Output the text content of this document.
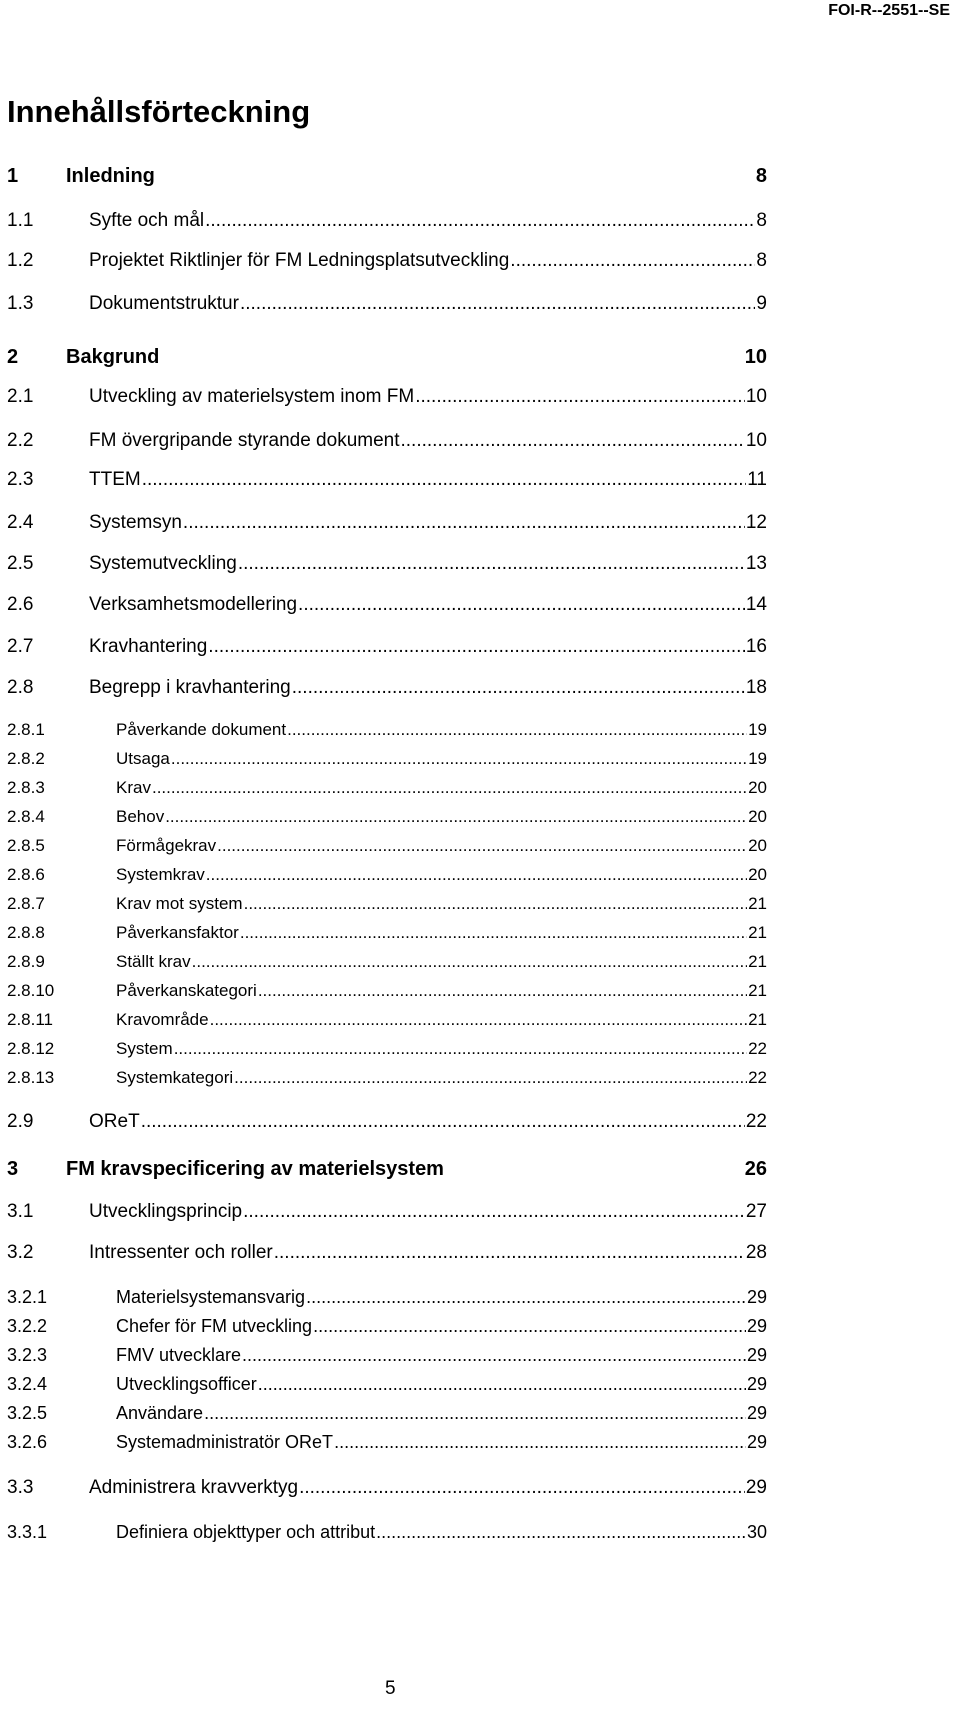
FOI-R--2551--SE
Innehållsförteckning
1	Inledning	8
1.1	Syfte och mål .....	8
1.2	Projektet Riktlinjer för FM Ledningsplatsutveckling .....	8
1.3	Dokumentstruktur .....	9
2	Bakgrund	10
2.1	Utveckling av materielsystem inom FM .....	10
2.2	FM övergripande styrande dokument .....	10
2.3	TTEM .....	11
2.4	Systemsyn .....	12
2.5	Systemutveckling .....	13
2.6	Verksamhetsmodellering .....	14
2.7	Kravhantering .....	16
2.8	Begrepp i kravhantering .....	18
2.8.1	Påverkande dokument .....	19
2.8.2	Utsaga .....	19
2.8.3	Krav .....	20
2.8.4	Behov .....	20
2.8.5	Förmågekrav .....	20
2.8.6	Systemkrav .....	20
2.8.7	Krav mot system .....	21
2.8.8	Påverkansfaktor .....	21
2.8.9	Ställt krav .....	21
2.8.10	Påverkanskategori .....	21
2.8.11	Kravområde .....	21
2.8.12	System .....	22
2.8.13	Systemkategori .....	22
2.9	OReT .....	22
3	FM kravspecificering av materielsystem	26
3.1	Utvecklingsprincip .....	27
3.2	Intressenter och roller .....	28
3.2.1	Materielsystemansvarig .....	29
3.2.2	Chefer för FM utveckling .....	29
3.2.3	FMV utvecklare .....	29
3.2.4	Utvecklingsofficer .....	29
3.2.5	Användare .....	29
3.2.6	Systemadministratör OReT .....	29
3.3	Administrera kravverktyg .....	29
3.3.1	Definiera objekttyper och attribut .....	30
5
